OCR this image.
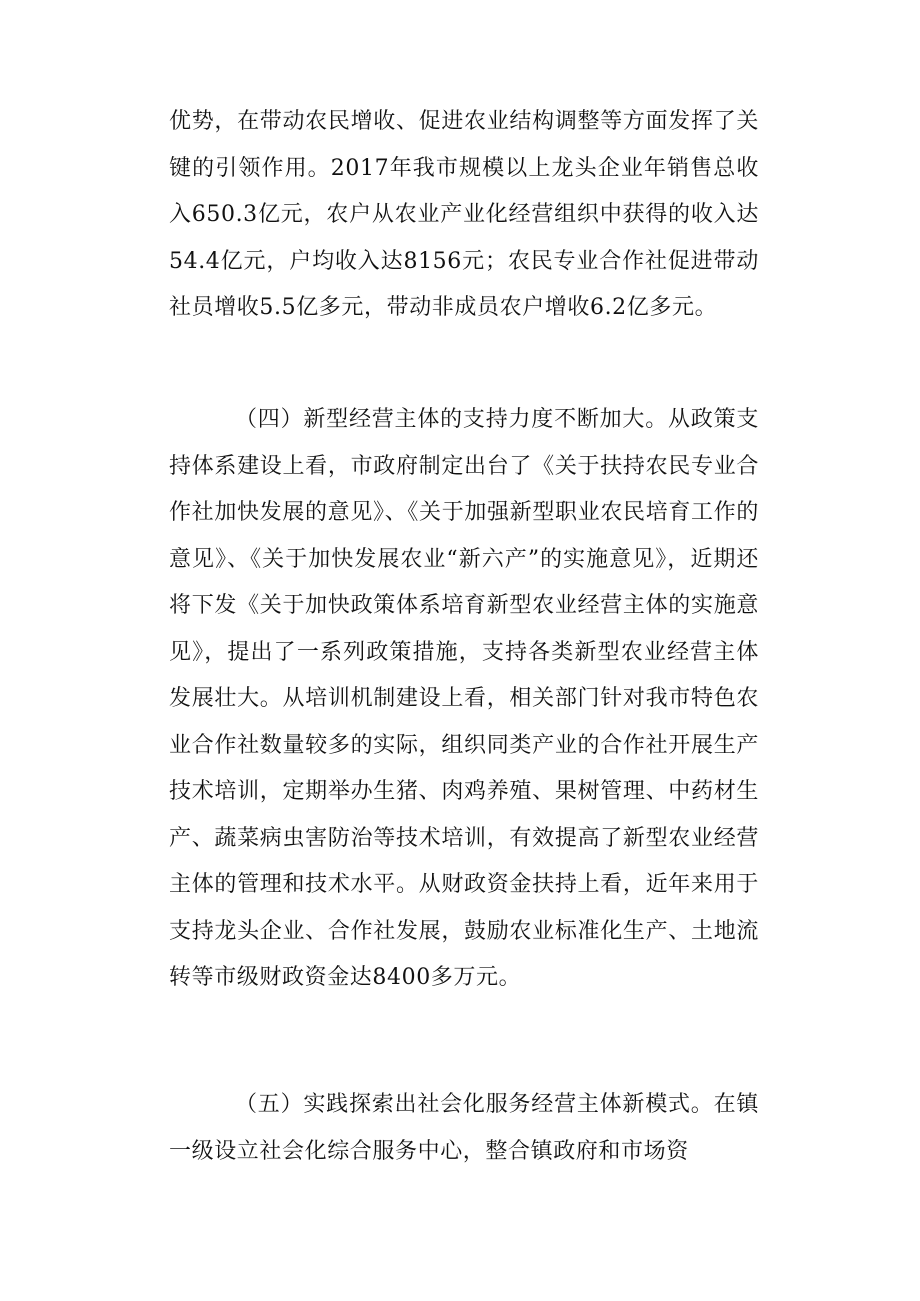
优势，在带动农民增收、促进农业结构调整等方面发挥了关键的引领作用。2017年我市规模以上龙头企业年销售总收入650.3亿元，农户从农业产业化经营组织中获得的收入达54.4亿元，户均收入达8156元；农民专业合作社促进带动社员增收5.5亿多元，带动非成员农户增收6.2亿多元。

（四）新型经营主体的支持力度不断加大。从政策支持体系建设上看，市政府制定出台了《关于扶持农民专业合作社加快发展的意见》、《关于加强新型职业农民培育工作的意见》、《关于加快发展农业“新六产”的实施意见》，近期还将下发《关于加快政策体系培育新型农业经营主体的实施意见》，提出了一系列政策措施，支持各类新型农业经营主体发展壮大。从培训机制建设上看，相关部门针对我市特色农业合作社数量较多的实际，组织同类产业的合作社开展生产技术培训，定期举办生猪、肉鸡养殖、果树管理、中药材生产、蔬菜病虫害防治等技术培训，有效提高了新型农业经营主体的管理和技术水平。从财政资金扶持上看，近年来用于支持龙头企业、合作社发展，鼓励农业标准化生产、土地流转等市级财政资金达8400多万元。

（五）实践探索出社会化服务经营主体新模式。在镇一级设立社会化综合服务中心，整合镇政府和市场资
